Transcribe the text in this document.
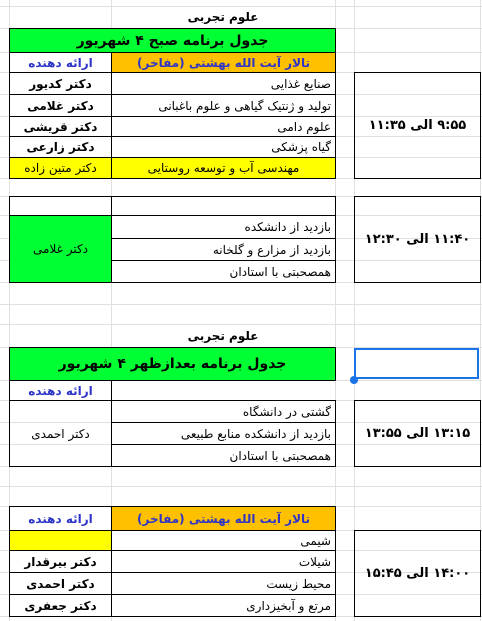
علوم تجربی
جدول برنامه صبح ۴ شهریور
تالار آیت الله بهشتی (مفاخر)
ارائه دهنده
صنایع غذایی
دکتر کدیور
تولید و ژنتیک گیاهی و علوم باغبانی
دکتر غلامی
علوم دامی
دکتر قریشی
گیاه پزشکی
دکتر زارعی
مهندسی آب و توسعه روستایی
دکتر متین زاده
۹:۵۵ الی ۱۱:۳۵
بازدید از دانشکده
بازدید از مزارع و گلخانه
همصحبتی با استادان
دکتر غلامی
۱۱:۴۰ الی ۱۲:۳۰
علوم تجربی
جدول برنامه بعدازظهر ۴ شهریور
ارائه دهنده
گشتی در دانشگاه
بازدید از دانشکده منابع طبیعی
همصحبتی با استادان
دکتر احمدی	۱۳:۱۵ الی ۱۳:۵۵
تالار آیت الله بهشتی (مفاخر)
ارائه دهنده
شیمی
شیلات
دکتر بیرقدار
محیط زیست
دکتر احمدی
مرتع و آبخیزداری
دکتر جعفری
۱۴:۰۰ الی ۱۵:۴۵
